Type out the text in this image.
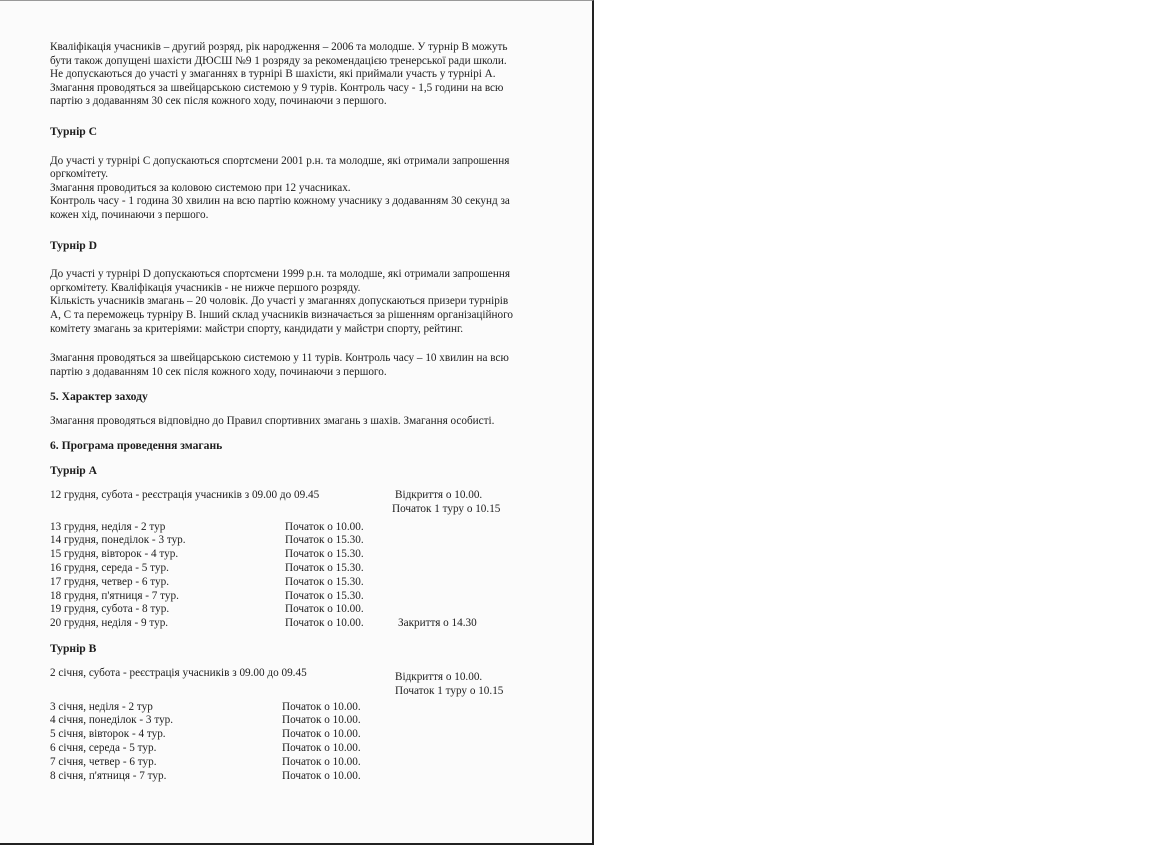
Кваліфікація учасників – другий розряд, рік народження – 2006 та молодше. У турнір В можуть

бути також допущені шахісти ДЮСШ №9 1 розряду за рекомендацією тренерської ради школи.

Не допускаються до участі у змаганнях в турнірі В шахісти, які приймали участь у турнірі А.

Змагання проводяться за швейцарською системою у 9 турів. Контроль часу - 1,5 години на всю

партію з додаванням 30 сек після кожного ходу, починаючи з першого.

Турнір С

До участі у турнірі С допускаються спортсмени 2001 р.н. та молодше, які отримали запрошення

оргкомітету.

Змагання проводиться за коловою системою при 12 учасниках.

Контроль часу - 1 година 30 хвилин на всю партію кожному учаснику з додаванням 30 секунд за

кожен хід, починаючи з першого.

Турнір D

До участі у турнірі D допускаються спортсмени 1999 р.н. та молодше, які отримали запрошення

оргкомітету. Кваліфікація учасників - не нижче першого розряду.

Кількість учасників змагань – 20 чоловік. До участі у змаганнях допускаються призери турнірів

А, С та переможець турніру В. Інший склад учасників визначається за рішенням організаційного

комітету змагань за критеріями: майстри спорту, кандидати у майстри спорту, рейтинг.

Змагання проводяться за швейцарською системою у 11 турів. Контроль часу – 10 хвилин на всю

партію з додаванням 10 сек після кожного ходу, починаючи з першого.

5. Характер заходу

Змагання проводяться відповідно до Правил спортивних змагань з шахів. Змагання особисті.

6. Програма проведення змагань

Турнір А

12 грудня, субота - реєстрація учасників з 09.00 до 09.45	Відкриття о 10.00.
Початок 1 туру о 10.15
13 грудня, неділя - 2 тур	Початок о 10.00.
14 грудня, понеділок - 3 тур.	Початок о 15.30.
15 грудня, вівторок - 4 тур.	Початок о 15.30.
16 грудня, середа - 5 тур.	Початок о 15.30.
17 грудня, четвер - 6 тур.	Початок о 15.30.
18 грудня, п'ятниця - 7 тур.	Початок о 15.30.
19 грудня, субота - 8 тур.	Початок о 10.00.
20 грудня, неділя - 9 тур.	Початок о 10.00.	Закриття о 14.30

Турнір В

2 січня, субота - реєстрація учасників з 09.00 до 09.45	Відкриття о 10.00.
Початок 1 туру о 10.15
3 січня, неділя - 2 тур	Початок о 10.00.
4 січня, понеділок - 3 тур.	Початок о 10.00.
5 січня, вівторок - 4 тур.	Початок о 10.00.
6 січня, середа - 5 тур.	Початок о 10.00.
7 січня, четвер - 6 тур.	Початок о 10.00.
8 січня, п'ятниця - 7 тур.	Початок о 10.00.
